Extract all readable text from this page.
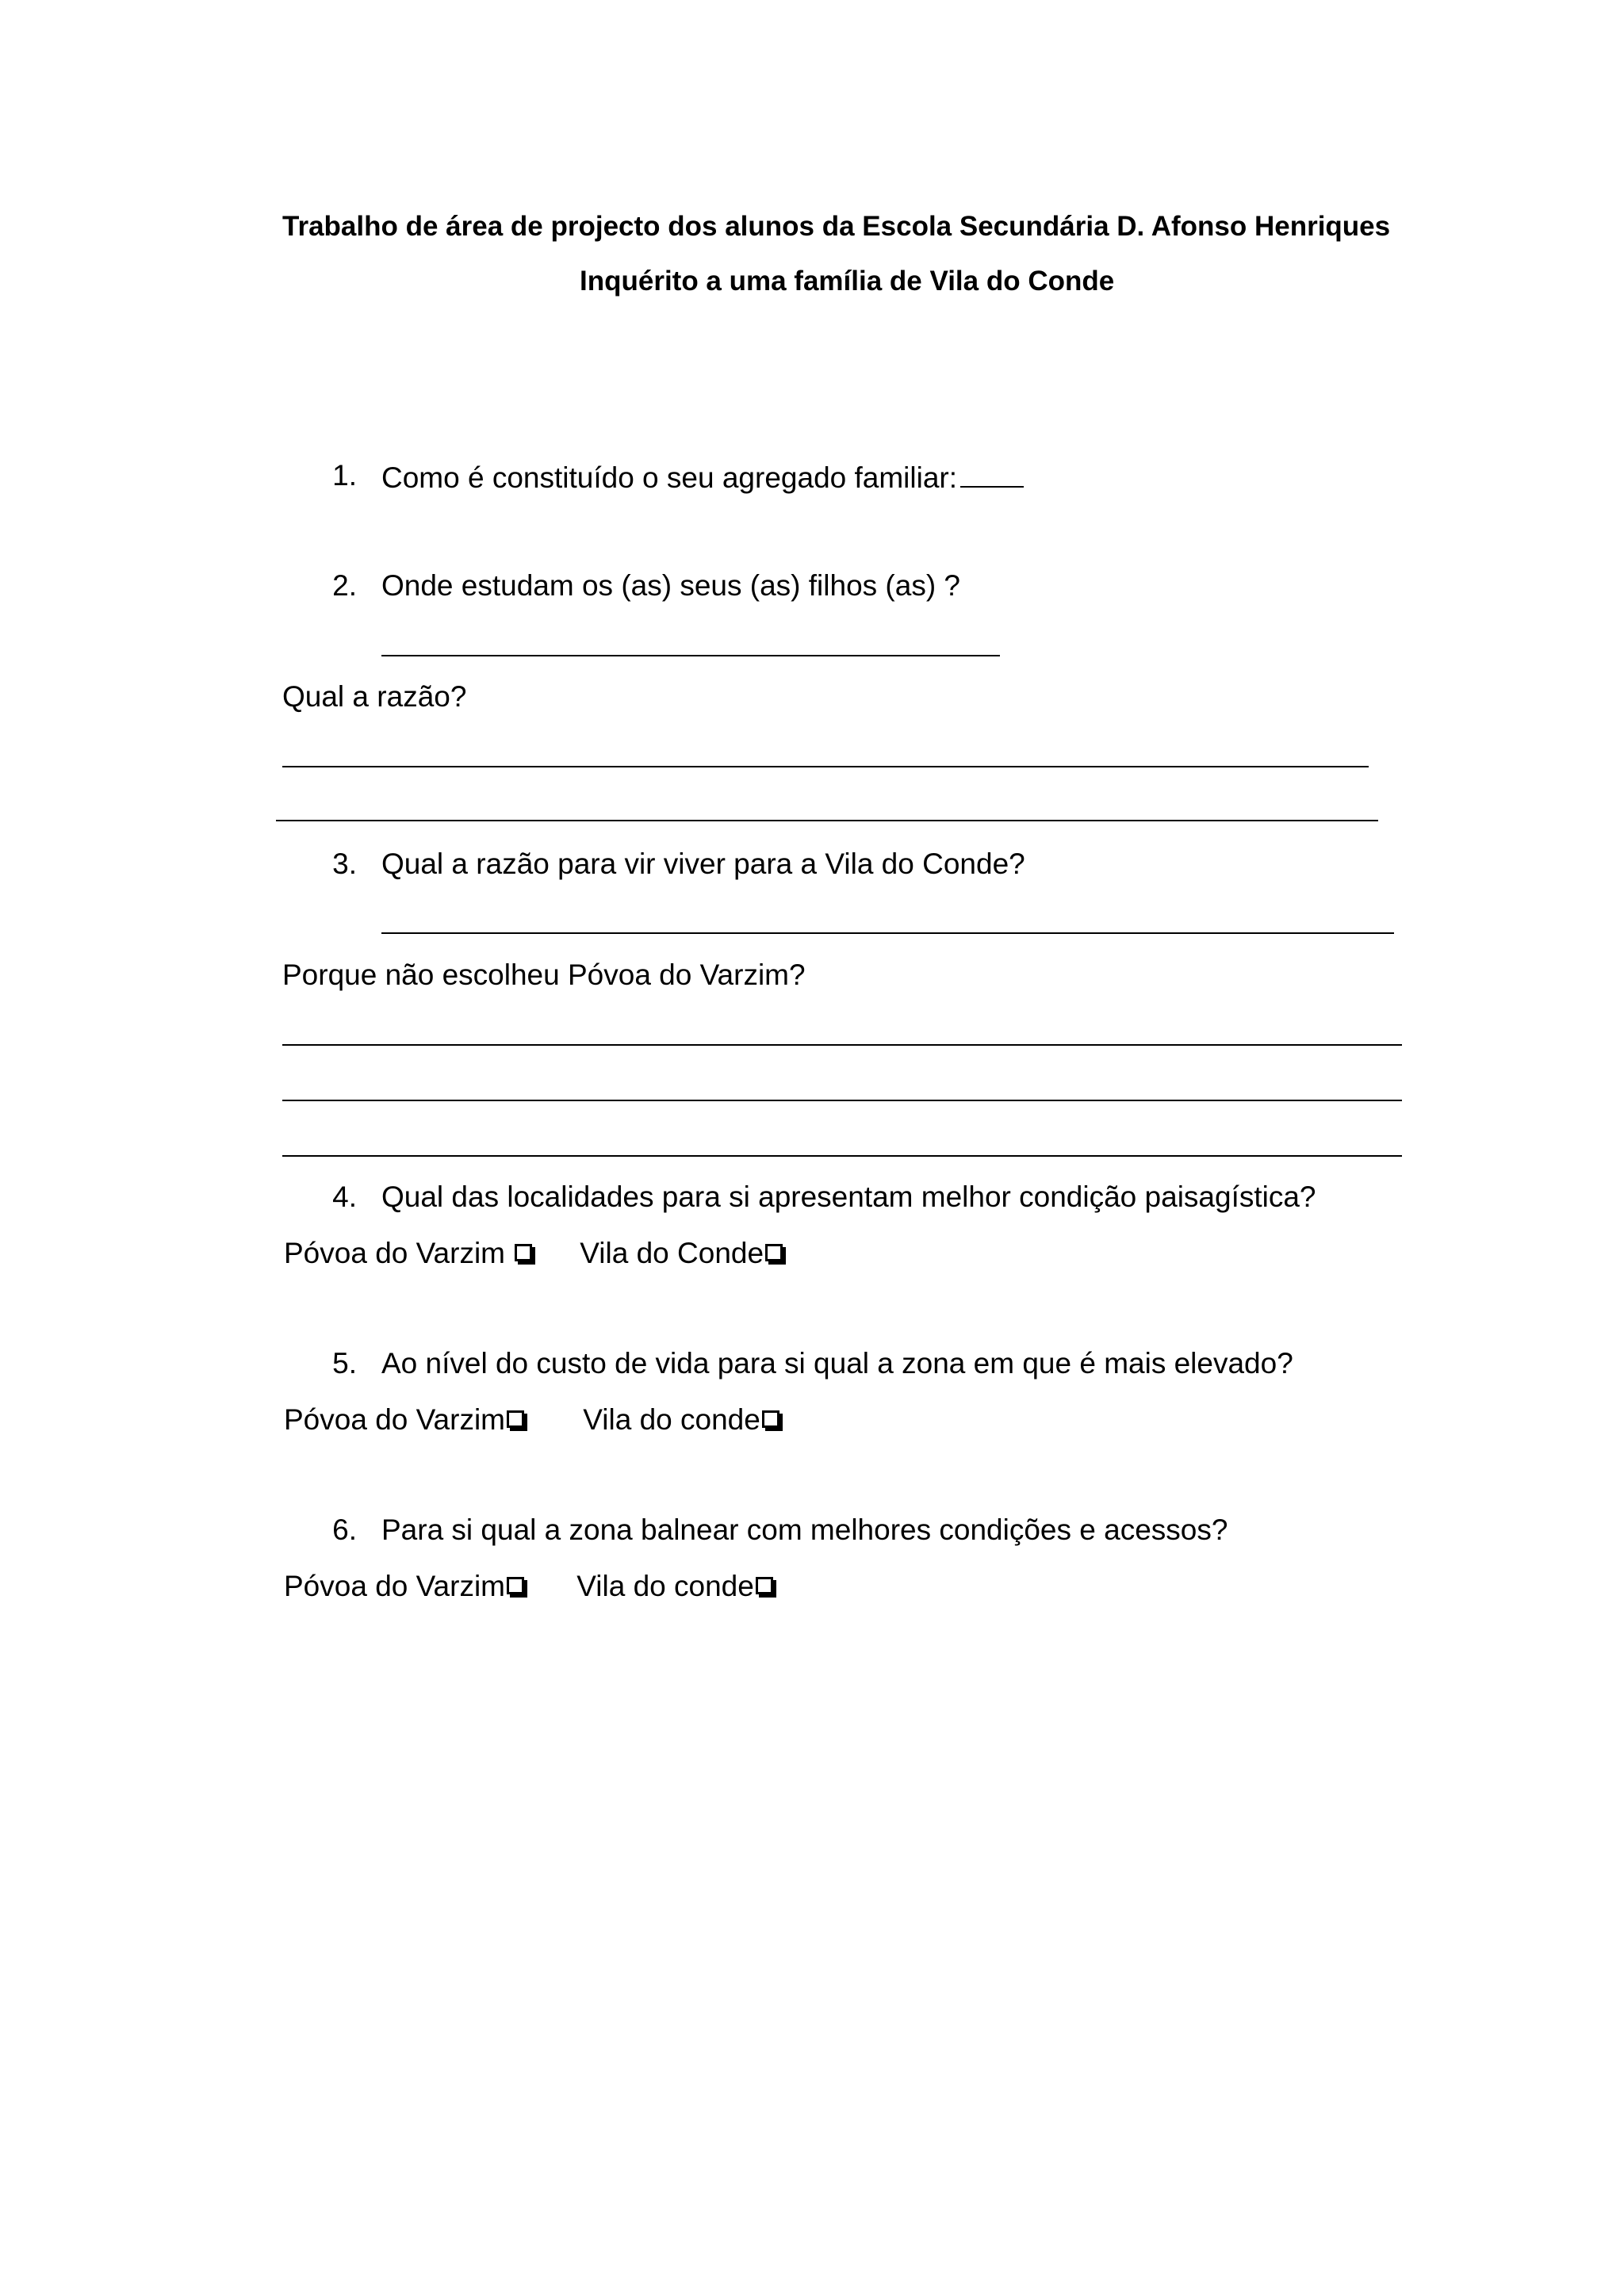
Trabalho de área de projecto dos alunos da Escola Secundária D. Afonso Henriques
Inquérito a uma família de Vila do Conde
1. Como é constituído o seu agregado familiar:
2. Onde estudam os (as) seus (as) filhos (as) ?
Qual a razão?
3. Qual a razão para vir viver para a Vila do Conde?
Porque não escolheu Póvoa do Varzim?
4. Qual das localidades para si apresentam melhor condição paisagística?
Póvoa do Varzim	Vila do Conde
5. Ao nível do custo de vida para si qual a zona em que é mais elevado?
Póvoa do Varzim	Vila do conde
6. Para si qual a zona balnear com melhores condições e acessos?
Póvoa do Varzim Vila do conde
